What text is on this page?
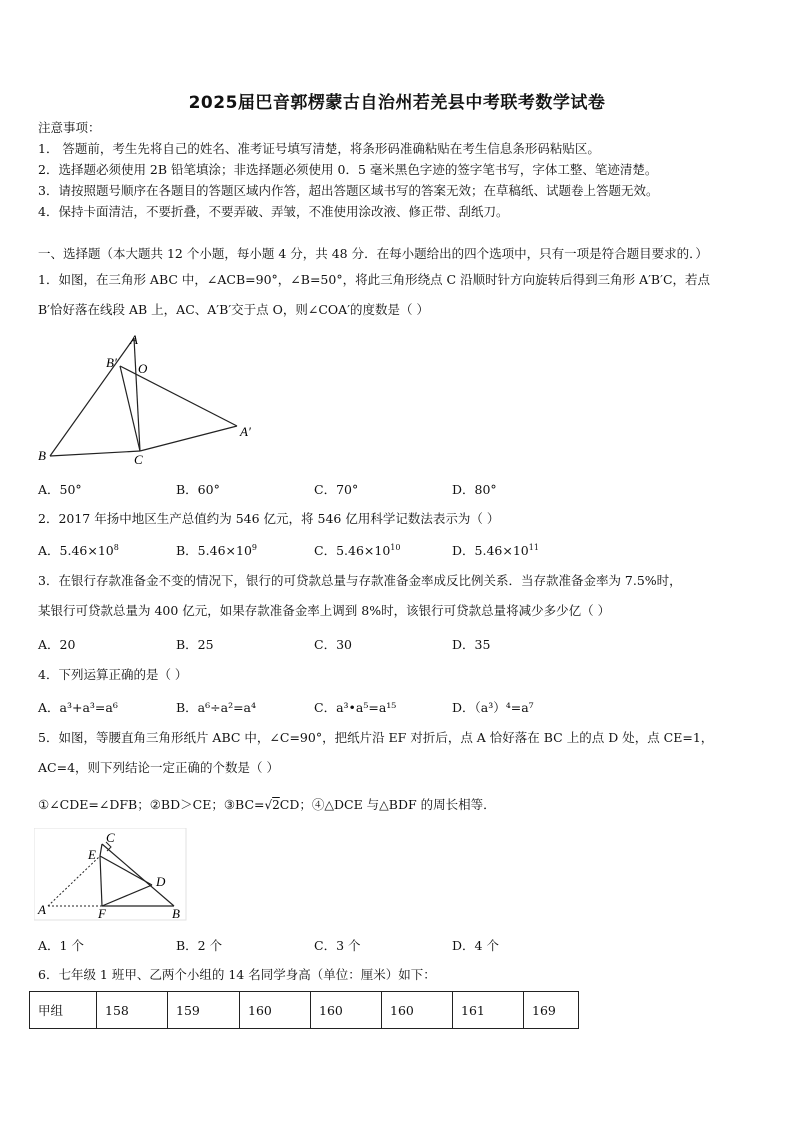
2025届巴音郭楞蒙古自治州若羌县中考联考数学试卷
注意事项：
1． 答题前，考生先将自己的姓名、准考证号填写清楚，将条形码准确粘贴在考生信息条形码粘贴区。
2．选择题必须使用 2B 铅笔填涂；非选择题必须使用 0．5 毫米黑色字迹的签字笔书写，字体工整、笔迹清楚。
3．请按照题号顺序在各题目的答题区域内作答，超出答题区域书写的答案无效；在草稿纸、试题卷上答题无效。
4．保持卡面清洁，不要折叠，不要弄破、弄皱，不准使用涂改液、修正带、刮纸刀。
一、选择题（本大题共 12 个小题，每小题 4 分，共 48 分．在每小题给出的四个选项中，只有一项是符合题目要求的．）
1．如图，在三角形 ABC 中，∠ACB=90°，∠B=50°，将此三角形绕点 C 沿顺时针方向旋转后得到三角形 A′B′C，若点
B′恰好落在线段 AB 上，AC、A′B′交于点 O，则∠COA′的度数是（ ）
A
B′ O
A′
B	C
A．50°	B．60°	C．70°	D．80°
2．2017 年扬中地区生产总值约为 546 亿元，将 546 亿用科学记数法表示为（ ）
A．$5.46\times 10^8$	B．$5.46\times 10^9$	C．$5.46\times 10^{10}$	D．$5.46\times 10^{11}$
3．在银行存款准备金不变的情况下，银行的可贷款总量与存款准备金率成反比例关系．当存款准备金率为 7.5%时，
某银行可贷款总量为 400 亿元，如果存款准备金率上调到 8%时，该银行可贷款总量将减少多少亿（ ）
A．20	B．25	C．30	D．35
4．下列运算正确的是（ ）
A．a³+a³=a⁶	B．a⁶÷a²=a⁴	C．a³•a⁵=a¹⁵	D．（a³）⁴=a⁷
5．如图，等腰直角三角形纸片 ABC 中，∠C=90°，把纸片沿 EF 对折后，点 A 恰好落在 BC 上的点 D 处，点 CE=1，
AC=4，则下列结论一定正确的个数是（ ）
①∠CDE=∠DFB；②BD＞CE；③BC=√2CD；④△DCE 与△BDF 的周长相等．
C
E
D
A	F	B
A．1 个	B．2 个	C．3 个	D．4 个
6．七年级 1 班甲、乙两个小组的 14 名同学身高（单位：厘米）如下：
甲组	158	159	160	160	160	161	169
